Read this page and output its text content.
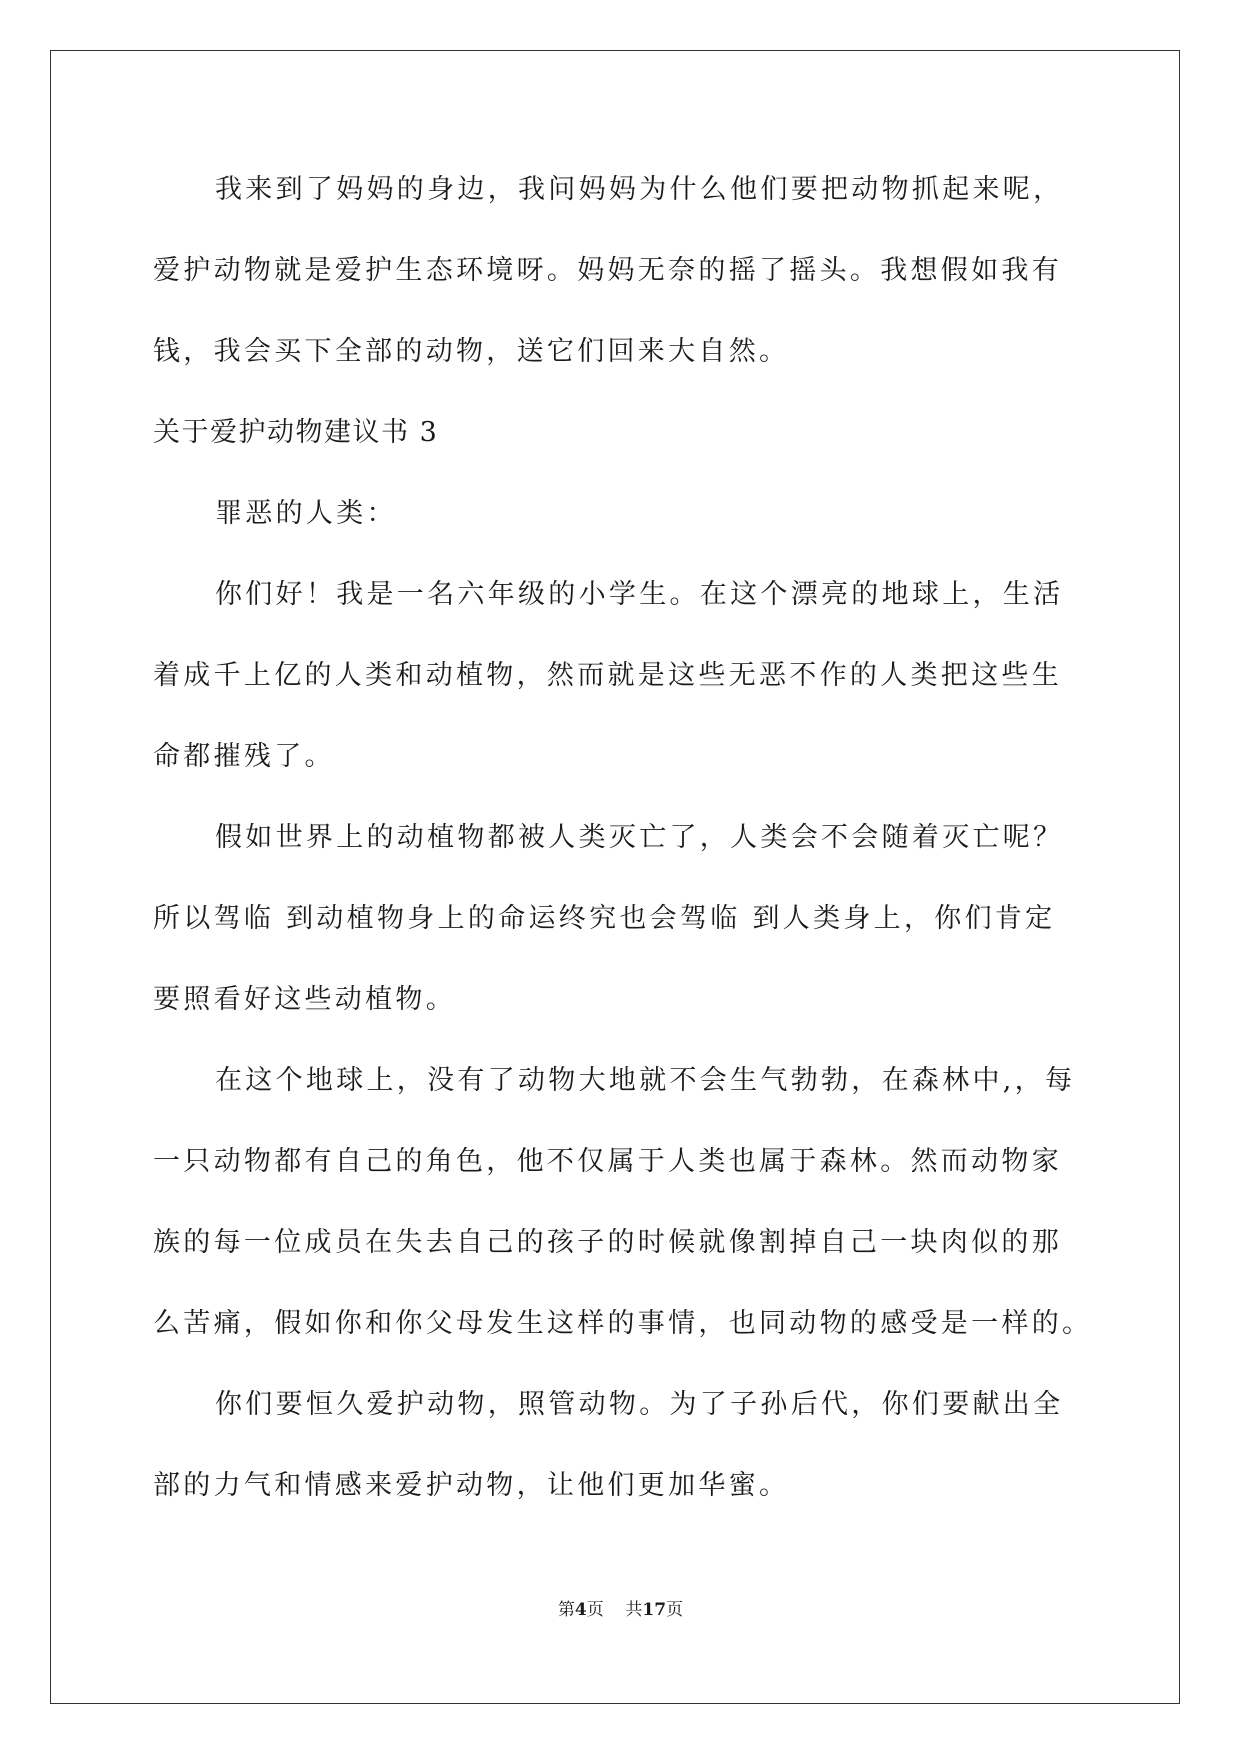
我来到了妈妈的身边，我问妈妈为什么他们要把动物抓起来呢，
爱护动物就是爱护生态环境呀。妈妈无奈的摇了摇头。我想假如我有
钱，我会买下全部的动物，送它们回来大自然。
关于爱护动物建议书 3
罪恶的人类：
你们好！我是一名六年级的小学生。在这个漂亮的地球上，生活
着成千上亿的人类和动植物，然而就是这些无恶不作的人类把这些生
命都摧残了。
假如世界上的动植物都被人类灭亡了，人类会不会随着灭亡呢？
所以驾临 到动植物身上的命运终究也会驾临 到人类身上，你们肯定
要照看好这些动植物。
在这个地球上，没有了动物大地就不会生气勃勃，在森林中,，每
一只动物都有自己的角色，他不仅属于人类也属于森林。然而动物家
族的每一位成员在失去自己的孩子的时候就像割掉自己一块肉似的那
么苦痛，假如你和你父母发生这样的事情，也同动物的感受是一样的。
你们要恒久爱护动物，照管动物。为了子孙后代，你们要献出全
部的力气和情感来爱护动物，让他们更加华蜜。
第4页 共17页
